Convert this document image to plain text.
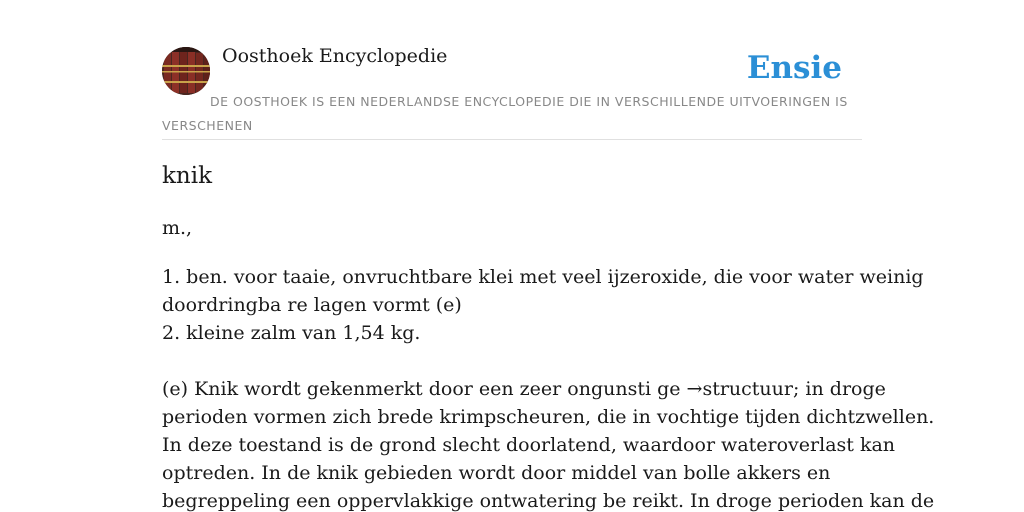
Oosthoek Encyclopedie	Ensie
DE OOSTHOEK IS EEN NEDERLANDSE ENCYCLOPEDIE DIE IN VERSCHILLENDE UITVOERINGEN IS VERSCHENEN
knik
m.,

1. ben. voor taaie, onvruchtbare klei met veel ijzeroxide, die voor water weinig

doordringba re lagen vormt (e)

2. kleine zalm van 1,54 kg.

(e) Knik wordt gekenmerkt door een zeer ongunsti ge →structuur; in droge

perioden vormen zich brede krimpscheuren, die in vochtige tijden dichtzwellen.

In deze toestand is de grond slecht doorlatend, waardoor wateroverlast kan

optreden. In de knik gebieden wordt door middel van bolle akkers en

begreppeling een oppervlakkige ontwatering be reikt. In droge perioden kan de
